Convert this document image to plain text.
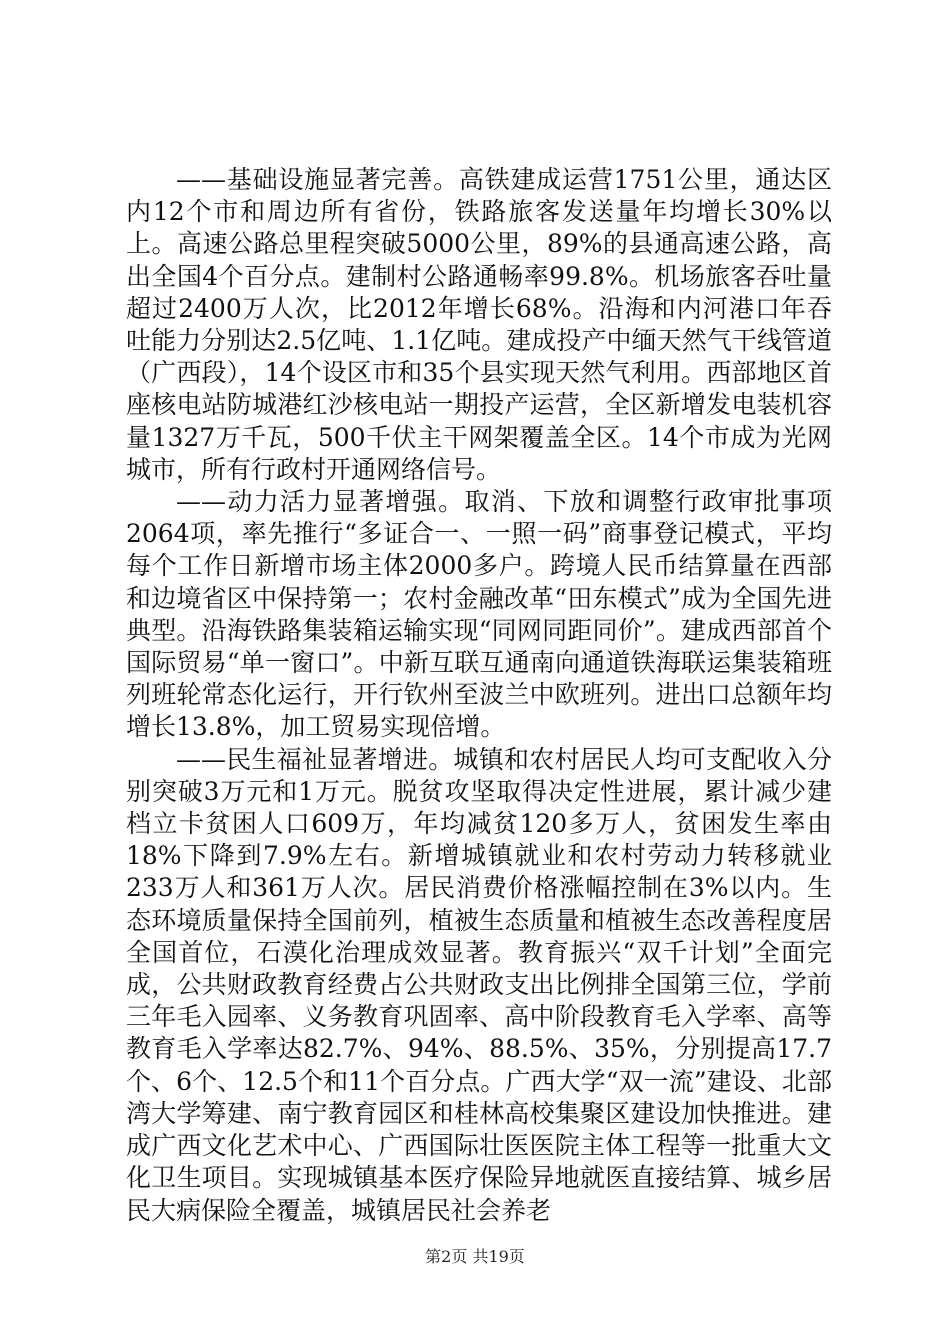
——基础设施显著完善。高铁建成运营1751公里，通达区内12个市和周边所有省份，铁路旅客发送量年均增长30%以上。高速公路总里程突破5000公里，89%的县通高速公路，高出全国4个百分点。建制村公路通畅率99.8%。机场旅客吞吐量超过2400万人次，比2012年增长68%。沿海和内河港口年吞吐能力分别达2.5亿吨、1.1亿吨。建成投产中缅天然气干线管道（广西段），14个设区市和35个县实现天然气利用。西部地区首座核电站防城港红沙核电站一期投产运营，全区新增发电装机容量1327万千瓦，500千伏主干网架覆盖全区。14个市成为光网城市，所有行政村开通网络信号。

——动力活力显著增强。取消、下放和调整行政审批事项2064项，率先推行“多证合一、一照一码”商事登记模式，平均每个工作日新增市场主体2000多户。跨境人民币结算量在西部和边境省区中保持第一；农村金融改革“田东模式”成为全国先进典型。沿海铁路集装箱运输实现“同网同距同价”。建成西部首个国际贸易“单一窗口”。中新互联互通南向通道铁海联运集装箱班列班轮常态化运行，开行钦州至波兰中欧班列。进出口总额年均增长13.8%，加工贸易实现倍增。

——民生福祉显著增进。城镇和农村居民人均可支配收入分别突破3万元和1万元。脱贫攻坚取得决定性进展，累计减少建档立卡贫困人口609万，年均减贫120多万人，贫困发生率由18%下降到7.9%左右。新增城镇就业和农村劳动力转移就业233万人和361万人次。居民消费价格涨幅控制在3%以内。生态环境质量保持全国前列，植被生态质量和植被生态改善程度居全国首位，石漠化治理成效显著。教育振兴“双千计划”全面完成，公共财政教育经费占公共财政支出比例排全国第三位，学前三年毛入园率、义务教育巩固率、高中阶段教育毛入学率、高等教育毛入学率达82.7%、94%、88.5%、35%，分别提高17.7个、6个、12.5个和11个百分点。广西大学“双一流”建设、北部湾大学筹建、南宁教育园区和桂林高校集聚区建设加快推进。建成广西文化艺术中心、广西国际壮医医院主体工程等一批重大文化卫生项目。实现城镇基本医疗保险异地就医直接结算、城乡居民大病保险全覆盖，城镇居民社会养老

第2页 共19页
